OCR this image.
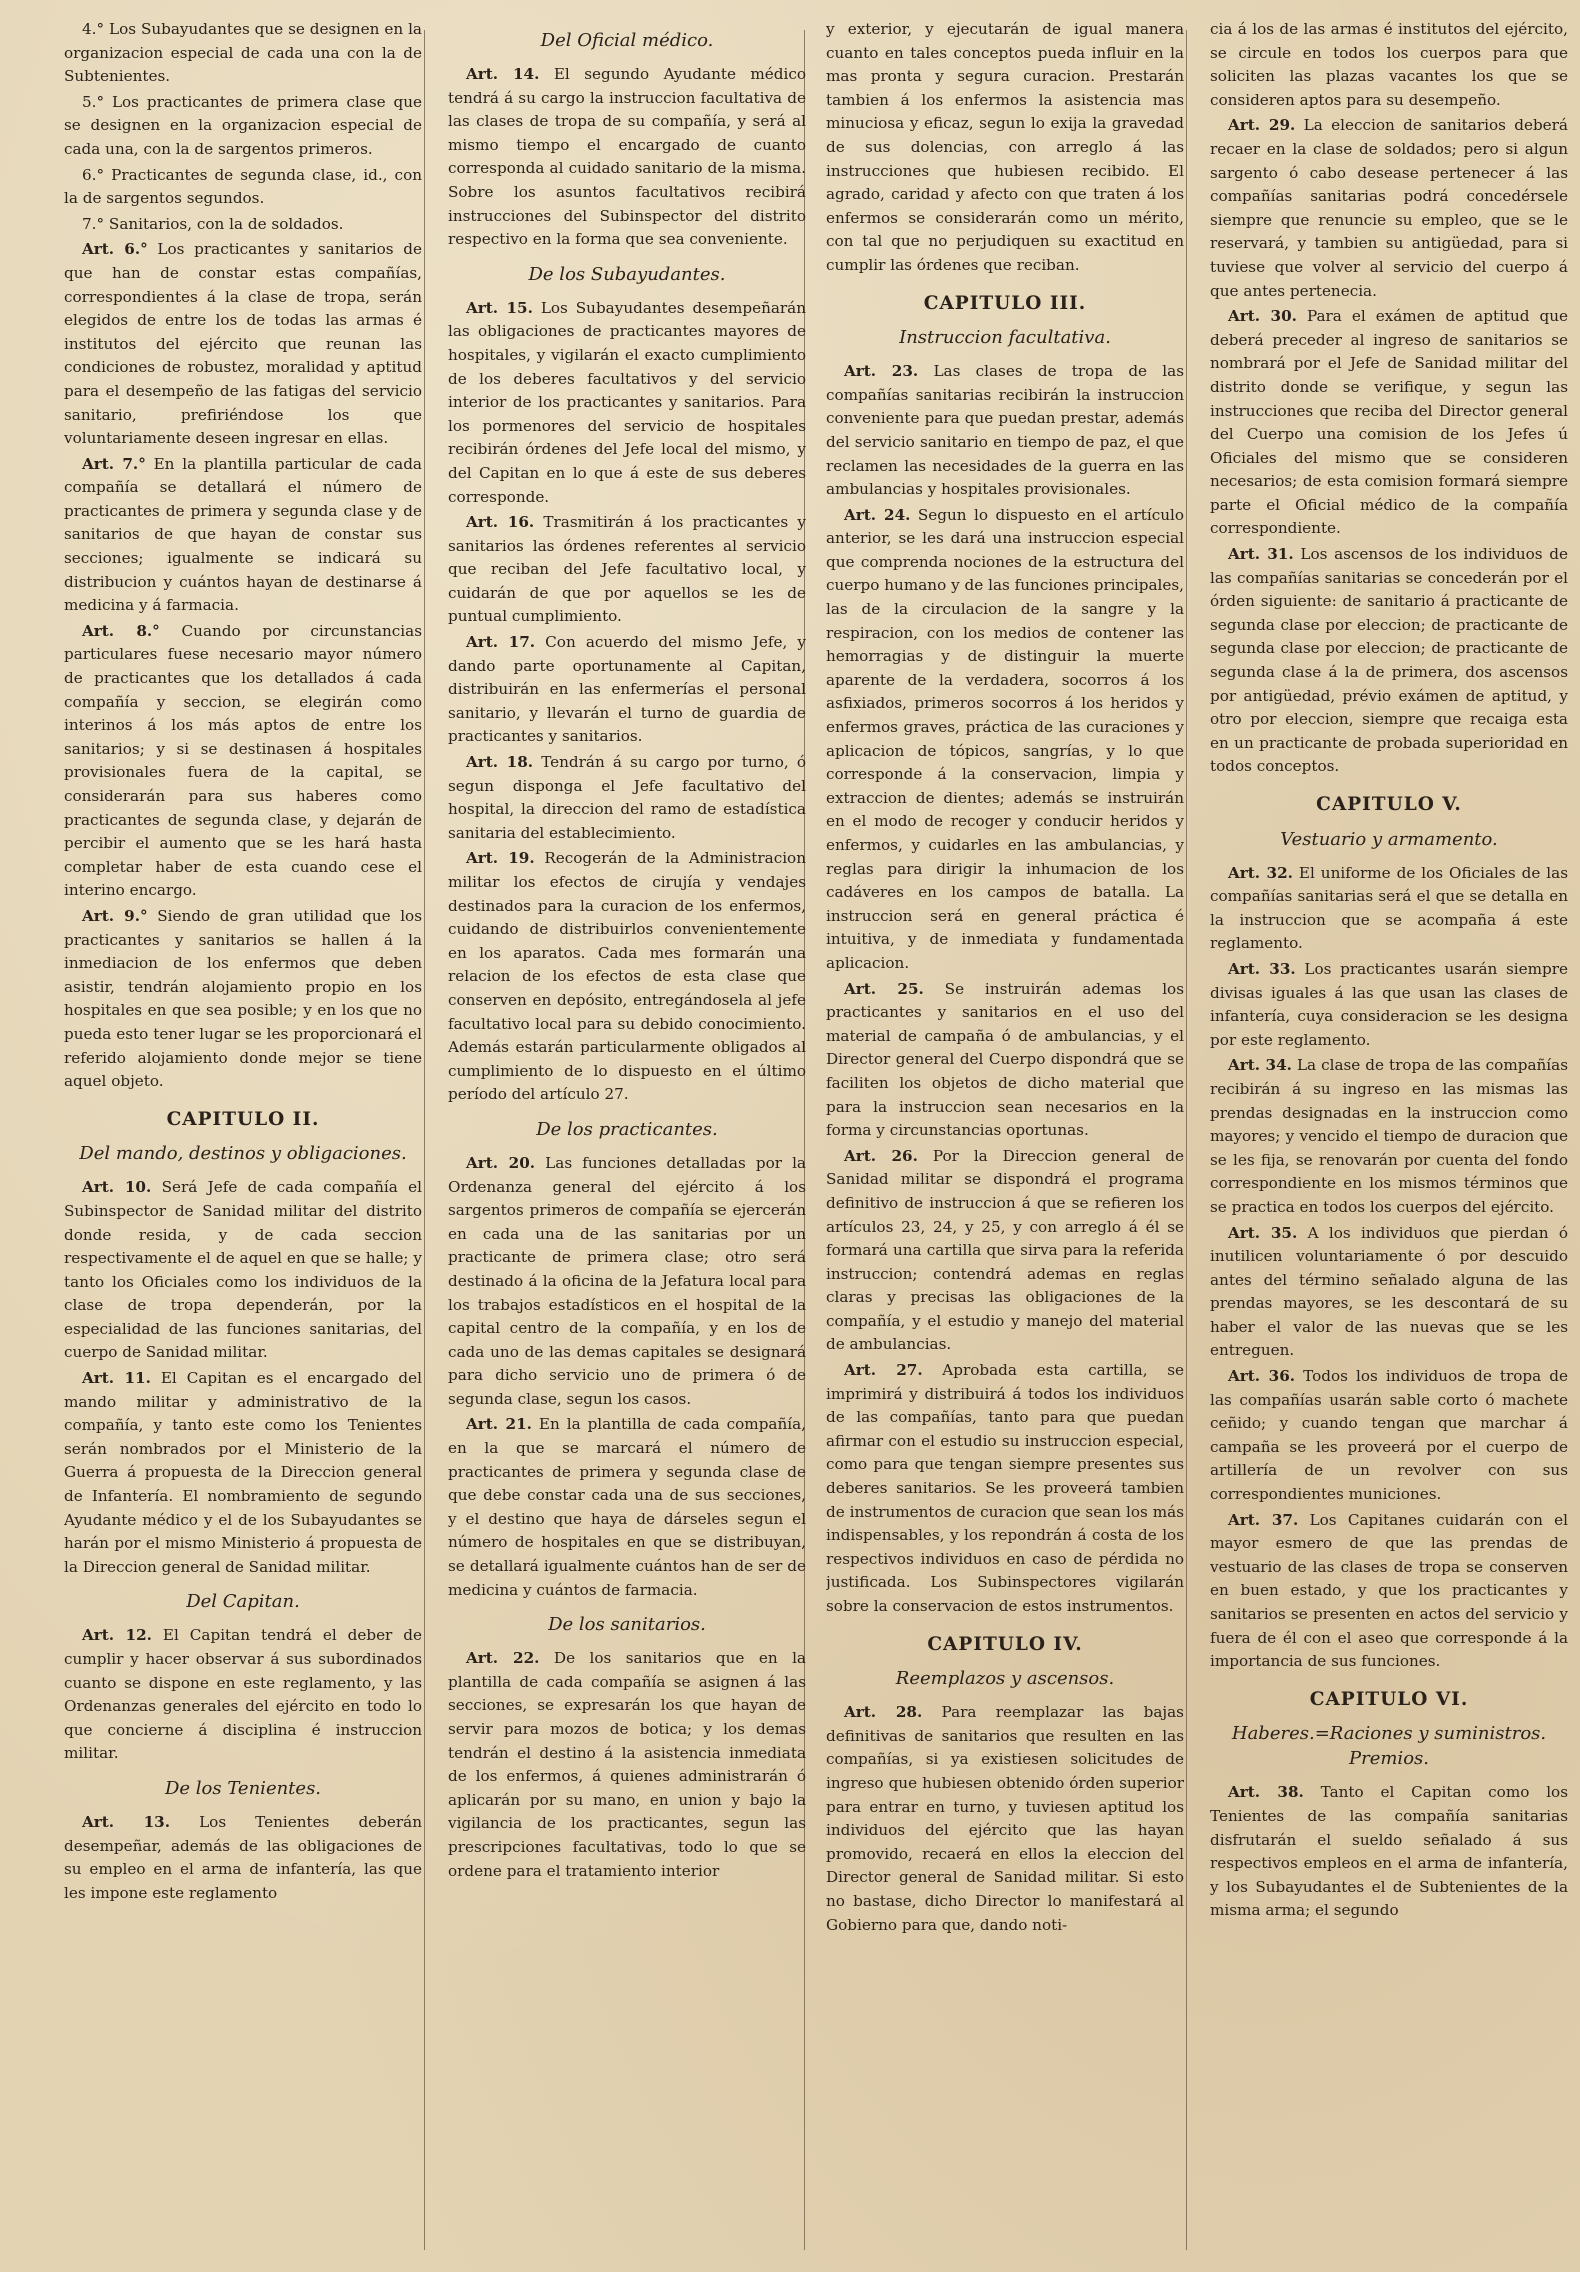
4.° Los Subayudantes que se designen en la organizacion especial de cada una con la de Subtenientes.

5.° Los practicantes de primera clase que se designen en la organizacion especial de cada una, con la de sargentos primeros.

6.° Practicantes de segunda clase, id., con la de sargentos segundos.

7.° Sanitarios, con la de soldados.

Art. 6.° Los practicantes y sanitarios de que han de constar estas compañías, correspondientes á la clase de tropa, serán elegidos de entre los de todas las armas é institutos del ejército que reunan las condiciones de robustez, moralidad y aptitud para el desempeño de las fatigas del servicio sanitario, prefiriéndose los que voluntariamente deseen ingresar en ellas.

Art. 7.° En la plantilla particular de cada compañía se detallará el número de practicantes de primera y segunda clase y de sanitarios de que hayan de constar sus secciones; igualmente se indicará su distribucion y cuántos hayan de destinarse á medicina y á farmacia.

Art. 8.° Cuando por circunstancias particulares fuese necesario mayor número de practicantes que los detallados á cada compañía y seccion, se elegirán como interinos á los más aptos de entre los sanitarios; y si se destinasen á hospitales provisionales fuera de la capital, se considerarán para sus haberes como practicantes de segunda clase, y dejarán de percibir el aumento que se les hará hasta completar haber de esta cuando cese el interino encargo.

Art. 9.° Siendo de gran utilidad que los practicantes y sanitarios se hallen á la inmediacion de los enfermos que deben asistir, tendrán alojamiento propio en los hospitales en que sea posible; y en los que no pueda esto tener lugar se les proporcionará el referido alojamiento donde mejor se tiene aquel objeto.

CAPITULO II.
Del mando, destinos y obligaciones.

Art. 10. Será Jefe de cada compañía el Subinspector de Sanidad militar del distrito donde resida, y de cada seccion respectivamente el de aquel en que se halle; y tanto los Oficiales como los individuos de la clase de tropa dependerán, por la especialidad de las funciones sanitarias, del cuerpo de Sanidad militar.

Art. 11. El Capitan es el encargado del mando militar y administrativo de la compañía, y tanto este como los Tenientes serán nombrados por el Ministerio de la Guerra á propuesta de la Direccion general de Infantería. El nombramiento de segundo Ayudante médico y el de los Subayudantes se harán por el mismo Ministerio á propuesta de la Direccion general de Sanidad militar.

Del Capitan.

Art. 12. El Capitan tendrá el deber de cumplir y hacer observar á sus subordinados cuanto se dispone en este reglamento, y las Ordenanzas generales del ejército en todo lo que concierne á disciplina é instruccion militar.

De los Tenientes.

Art. 13. Los Tenientes deberán desempeñar, además de las obligaciones de su empleo en el arma de infantería, las que les impone este reglamento

Del Oficial médico.

Art. 14. El segundo Ayudante médico tendrá á su cargo la instruccion facultativa de las clases de tropa de su compañía, y será al mismo tiempo el encargado de cuanto corresponda al cuidado sanitario de la misma. Sobre los asuntos facultativos recibirá instrucciones del Subinspector del distrito respectivo en la forma que sea conveniente.

De los Subayudantes.

Art. 15. Los Subayudantes desempeñarán las obligaciones de practicantes mayores de hospitales, y vigilarán el exacto cumplimiento de los deberes facultativos y del servicio interior de los practicantes y sanitarios. Para los pormenores del servicio de hospitales recibirán órdenes del Jefe local del mismo, y del Capitan en lo que á este de sus deberes corresponde.

Art. 16. Trasmitirán á los practicantes y sanitarios las órdenes referentes al servicio que reciban del Jefe facultativo local, y cuidarán de que por aquellos se les de puntual cumplimiento.

Art. 17. Con acuerdo del mismo Jefe, y dando parte oportunamente al Capitan, distribuirán en las enfermerías el personal sanitario, y llevarán el turno de guardia de practicantes y sanitarios.

Art. 18. Tendrán á su cargo por turno, ó segun disponga el Jefe facultativo del hospital, la direccion del ramo de estadística sanitaria del establecimiento.

Art. 19. Recogerán de la Administracion militar los efectos de cirujía y vendajes destinados para la curacion de los enfermos, cuidando de distribuirlos convenientemente en los aparatos. Cada mes formarán una relacion de los efectos de esta clase que conserven en depósito, entregándosela al jefe facultativo local para su debido conocimiento. Además estarán particularmente obligados al cumplimiento de lo dispuesto en el último período del artículo 27.

De los practicantes.

Art. 20. Las funciones detalladas por la Ordenanza general del ejército á los sargentos primeros de compañía se ejercerán en cada una de las sanitarias por un practicante de primera clase; otro será destinado á la oficina de la Jefatura local para los trabajos estadísticos en el hospital de la capital centro de la compañía, y en los de cada uno de las demas capitales se designará para dicho servicio uno de primera ó de segunda clase, segun los casos.

Art. 21. En la plantilla de cada compañía, en la que se marcará el número de practicantes de primera y segunda clase de que debe constar cada una de sus secciones, y el destino que haya de dárseles segun el número de hospitales en que se distribuyan, se detallará igualmente cuántos han de ser de medicina y cuántos de farmacia.

De los sanitarios.

Art. 22. De los sanitarios que en la plantilla de cada compañía se asignen á las secciones, se expresarán los que hayan de servir para mozos de botica; y los demas tendrán el destino á la asistencia inmediata de los enfermos, á quienes administrarán ó aplicarán por su mano, en union y bajo la vigilancia de los practicantes, segun las prescripciones facultativas, todo lo que se ordene para el tratamiento interior

y exterior, y ejecutarán de igual manera cuanto en tales conceptos pueda influir en la mas pronta y segura curacion. Prestarán tambien á los enfermos la asistencia mas minuciosa y eficaz, segun lo exija la gravedad de sus dolencias, con arreglo á las instrucciones que hubiesen recibido. El agrado, caridad y afecto con que traten á los enfermos se considerarán como un mérito, con tal que no perjudiquen su exactitud en cumplir las órdenes que reciban.

CAPITULO III.
Instruccion facultativa.

Art. 23. Las clases de tropa de las compañías sanitarias recibirán la instruccion conveniente para que puedan prestar, además del servicio sanitario en tiempo de paz, el que reclamen las necesidades de la guerra en las ambulancias y hospitales provisionales.

Art. 24. Segun lo dispuesto en el artículo anterior, se les dará una instruccion especial que comprenda nociones de la estructura del cuerpo humano y de las funciones principales, las de la circulacion de la sangre y la respiracion, con los medios de contener las hemorragias y de distinguir la muerte aparente de la verdadera, socorros á los asfixiados, primeros socorros á los heridos y enfermos graves, práctica de las curaciones y aplicacion de tópicos, sangrías, y lo que corresponde á la conservacion, limpia y extraccion de dientes; además se instruirán en el modo de recoger y conducir heridos y enfermos, y cuidarles en las ambulancias, y reglas para dirigir la inhumacion de los cadáveres en los campos de batalla. La instruccion será en general práctica é intuitiva, y de inmediata y fundamentada aplicacion.

Art. 25. Se instruirán ademas los practicantes y sanitarios en el uso del material de campaña ó de ambulancias, y el Director general del Cuerpo dispondrá que se faciliten los objetos de dicho material que para la instruccion sean necesarios en la forma y circunstancias oportunas.

Art. 26. Por la Direccion general de Sanidad militar se dispondrá el programa definitivo de instruccion á que se refieren los artículos 23, 24, y 25, y con arreglo á él se formará una cartilla que sirva para la referida instruccion; contendrá ademas en reglas claras y precisas las obligaciones de la compañía, y el estudio y manejo del material de ambulancias.

Art. 27. Aprobada esta cartilla, se imprimirá y distribuirá á todos los individuos de las compañías, tanto para que puedan afirmar con el estudio su instruccion especial, como para que tengan siempre presentes sus deberes sanitarios. Se les proveerá tambien de instrumentos de curacion que sean los más indispensables, y los repondrán á costa de los respectivos individuos en caso de pérdida no justificada. Los Subinspectores vigilarán sobre la conservacion de estos instrumentos.

CAPITULO IV.
Reemplazos y ascensos.

Art. 28. Para reemplazar las bajas definitivas de sanitarios que resulten en las compañías, si ya existiesen solicitudes de ingreso que hubiesen obtenido órden superior para entrar en turno, y tuviesen aptitud los individuos del ejército que las hayan promovido, recaerá en ellos la eleccion del Director general de Sanidad militar. Si esto no bastase, dicho Director lo manifestará al Gobierno para que, dando noti-

cia á los de las armas é institutos del ejército, se circule en todos los cuerpos para que soliciten las plazas vacantes los que se consideren aptos para su desempeño.

Art. 29. La eleccion de sanitarios deberá recaer en la clase de soldados; pero si algun sargento ó cabo desease pertenecer á las compañías sanitarias podrá concedérsele siempre que renuncie su empleo, que se le reservará, y tambien su antigüedad, para si tuviese que volver al servicio del cuerpo á que antes pertenecia.

Art. 30. Para el exámen de aptitud que deberá preceder al ingreso de sanitarios se nombrará por el Jefe de Sanidad militar del distrito donde se verifique, y segun las instrucciones que reciba del Director general del Cuerpo una comision de los Jefes ú Oficiales del mismo que se consideren necesarios; de esta comision formará siempre parte el Oficial médico de la compañía correspondiente.

Art. 31. Los ascensos de los individuos de las compañías sanitarias se concederán por el órden siguiente: de sanitario á practicante de segunda clase por eleccion; de practicante de segunda clase por eleccion; de practicante de segunda clase á la de primera, dos ascensos por antigüedad, prévio exámen de aptitud, y otro por eleccion, siempre que recaiga esta en un practicante de probada superioridad en todos conceptos.

CAPITULO V.
Vestuario y armamento.

Art. 32. El uniforme de los Oficiales de las compañías sanitarias será el que se detalla en la instruccion que se acompaña á este reglamento.

Art. 33. Los practicantes usarán siempre divisas iguales á las que usan las clases de infantería, cuya consideracion se les designa por este reglamento.

Art. 34. La clase de tropa de las compañías recibirán á su ingreso en las mismas las prendas designadas en la instruccion como mayores; y vencido el tiempo de duracion que se les fija, se renovarán por cuenta del fondo correspondiente en los mismos términos que se practica en todos los cuerpos del ejército.

Art. 35. A los individuos que pierdan ó inutilicen voluntariamente ó por descuido antes del término señalado alguna de las prendas mayores, se les descontará de su haber el valor de las nuevas que se les entreguen.

Art. 36. Todos los individuos de tropa de las compañías usarán sable corto ó machete ceñido; y cuando tengan que marchar á campaña se les proveerá por el cuerpo de artillería de un revolver con sus correspondientes municiones.

Art. 37. Los Capitanes cuidarán con el mayor esmero de que las prendas de vestuario de las clases de tropa se conserven en buen estado, y que los practicantes y sanitarios se presenten en actos del servicio y fuera de él con el aseo que corresponde á la importancia de sus funciones.

CAPITULO VI.
Haberes.=Raciones y suministros. Premios.

Art. 38. Tanto el Capitan como los Tenientes de las compañía sanitarias disfrutarán el sueldo señalado á sus respectivos empleos en el arma de infantería, y los Subayudantes el de Subtenientes de la misma arma; el segundo
